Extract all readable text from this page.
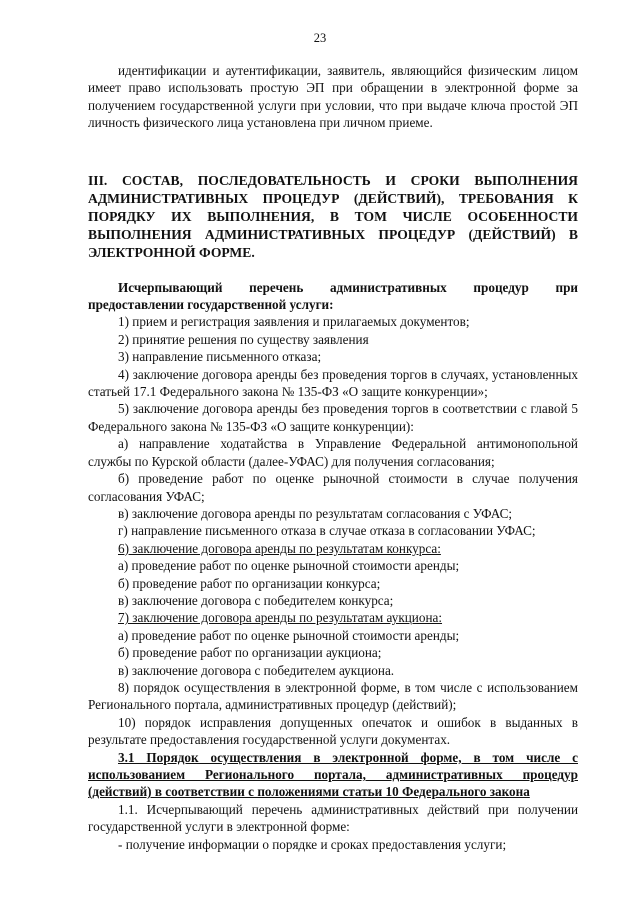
23

идентификации и аутентификации, заявитель, являющийся физическим лицом имеет право использовать простую ЭП при обращении в электронной форме за получением государственной услуги при условии, что при выдаче ключа простой ЭП личность физического лица установлена при личном приеме.

III. СОСТАВ, ПОСЛЕДОВАТЕЛЬНОСТЬ И СРОКИ ВЫПОЛНЕНИЯ АДМИНИСТРАТИВНЫХ ПРОЦЕДУР (ДЕЙСТВИЙ), ТРЕБОВАНИЯ К ПОРЯДКУ ИХ ВЫПОЛНЕНИЯ, В ТОМ ЧИСЛЕ ОСОБЕННОСТИ ВЫПОЛНЕНИЯ АДМИНИСТРАТИВНЫХ ПРОЦЕДУР (ДЕЙСТВИЙ) В ЭЛЕКТРОННОЙ ФОРМЕ.

Исчерпывающий перечень административных процедур при предоставлении государственной услуги:

1) прием и регистрация заявления и прилагаемых документов;

2) принятие решения по существу заявления

3) направление письменного отказа;

4) заключение договора аренды без проведения торгов в случаях, установленных статьей 17.1 Федерального закона № 135-ФЗ «О защите конкуренции»;

5) заключение договора аренды без проведения торгов в соответствии с главой 5 Федерального закона № 135-ФЗ «О защите конкуренции):

а) направление ходатайства в Управление Федеральной антимонопольной службы по Курской области (далее-УФАС) для получения согласования;

б) проведение работ по оценке рыночной стоимости в случае получения согласования УФАС;

в) заключение договора аренды по результатам согласования с УФАС;

г) направление письменного отказа в случае отказа в согласовании УФАС;

6) заключение договора аренды по результатам конкурса:

а) проведение работ по оценке рыночной стоимости аренды;

б) проведение работ по организации конкурса;

в) заключение договора с победителем конкурса;

7) заключение договора аренды по результатам аукциона:

а) проведение работ по оценке рыночной стоимости аренды;

б) проведение работ по организации аукциона;

в) заключение договора с победителем аукциона.

8) порядок осуществления в электронной форме, в том числе с использованием Регионального портала, административных процедур (действий);

10) порядок исправления допущенных опечаток и ошибок в выданных в результате предоставления государственной услуги документах.

3.1 Порядок осуществления в электронной форме, в том числе с использованием Регионального портала, административных процедур (действий) в соответствии с положениями статьи 10 Федерального закона

1.1. Исчерпывающий перечень административных действий при получении государственной услуги в электронной форме:

- получение информации о порядке и сроках предоставления услуги;
